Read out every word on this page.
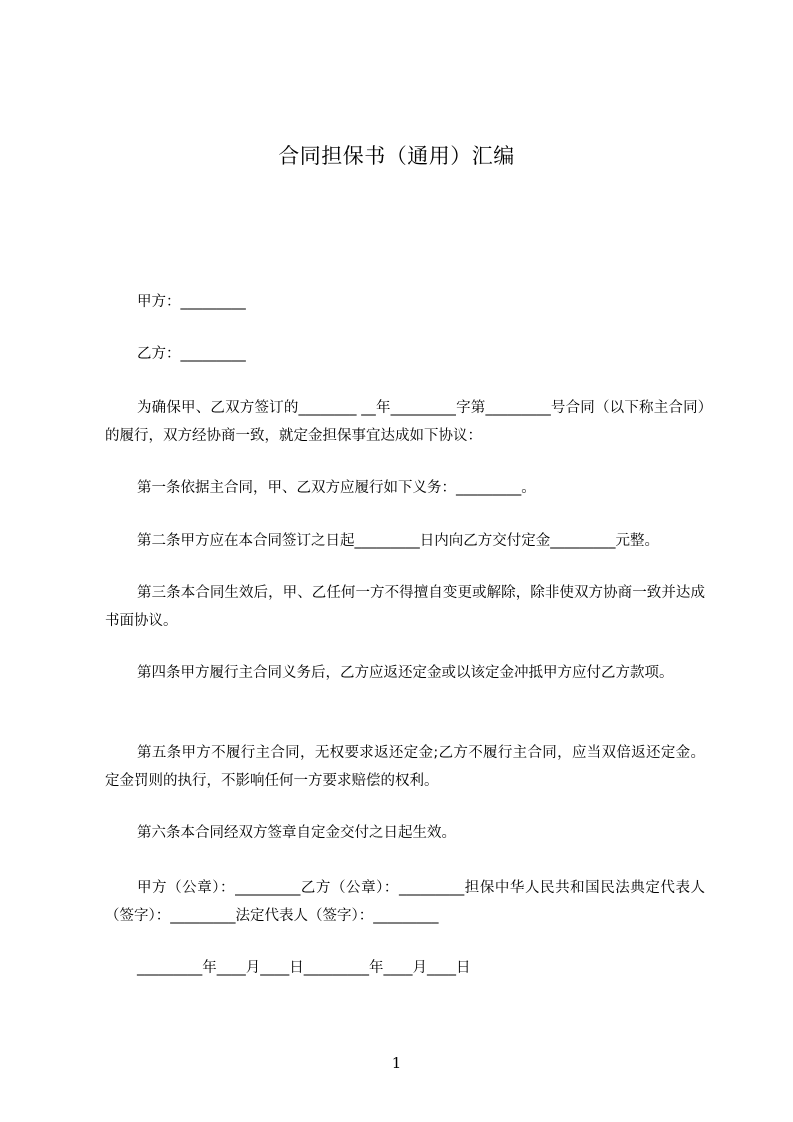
合同担保书（通用）汇编
甲方：_________
乙方：_________
为确保甲、乙双方签订的________ __年_________字第_________号合同（以下称主合同）的履行，双方经协商一致，就定金担保事宜达成如下协议：
第一条依据主合同，甲、乙双方应履行如下义务：_________。
第二条甲方应在本合同签订之日起_________日内向乙方交付定金_________元整。
第三条本合同生效后，甲、乙任何一方不得擅自变更或解除，除非使双方协商一致并达成书面协议。
第四条甲方履行主合同义务后，乙方应返还定金或以该定金冲抵甲方应付乙方款项。
第五条甲方不履行主合同，无权要求返还定金;乙方不履行主合同，应当双倍返还定金。定金罚则的执行，不影响任何一方要求赔偿的权利。
第六条本合同经双方签章自定金交付之日起生效。
甲方（公章）：_________乙方（公章）：_________担保中华人民共和国民法典定代表人（签字）：_________法定代表人（签字）：_________
_________年____月____日_________年____月____日
1
